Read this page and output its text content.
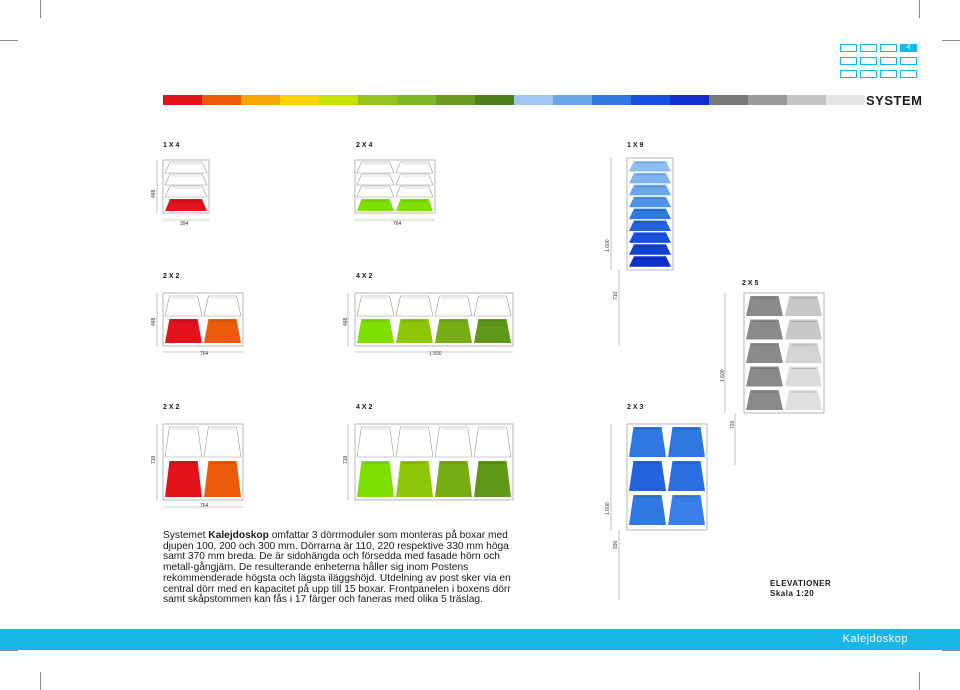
4
SYSTEM
1 X 4	2 X 4	1 X 9
2 X 2	4 X 2
2 X 5
2 X 2	4 X 2	2 X 3
488
394	764
1.600
710
488	488
764	1.500
1.600
720
718	718
764	1.600
930
Systemet Kalejdoskop omfattar 3 dörrmoduler som monteras på boxar med djupen 100, 200 och 300 mm. Dörrarna är 110, 220 respektive 330 mm höga samt 370 mm breda. De är sidohängda och försedda med fasade hörn och metall-gångjärn. De resulterande enheterna håller sig inom Postens rekommenderade högsta och lägsta iläggshöjd. Utdelning av post sker via en central dörr med en kapacitet på upp till 15 boxar. Frontpanelen i boxens dörr samt skåpstommen kan fås i 17 färger och faneras med olika 5 träslag.
ELEVATIONER
Skala 1:20
Kalejdoskop
